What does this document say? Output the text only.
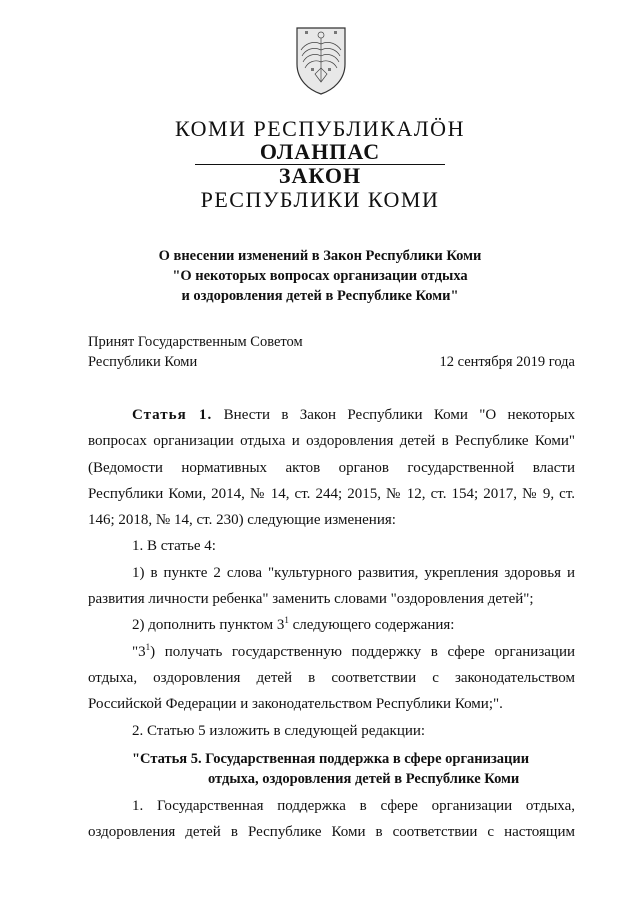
КОМИ РЕСПУБЛИКАЛӦН
ОЛАНПАС
ЗАКОН
РЕСПУБЛИКИ КОМИ
О внесении изменений в Закон Республики Коми
"О некоторых вопросах организации отдыха
и оздоровления детей в Республике Коми"
Принят Государственным Советом
Республики Коми	12 сентября 2019 года

Статья 1. Внести в Закон Республики Коми "О некоторых вопросах организации отдыха и оздоровления детей в Республике Коми" (Ведомости нормативных актов органов государственной власти Республики Коми, 2014, № 14, ст. 244; 2015, № 12, ст. 154; 2017, № 9, ст. 146; 2018, № 14, ст. 230) следующие изменения:

1. В статье 4:

1) в пункте 2 слова "культурного развития, укрепления здоровья и развития личности ребенка" заменить словами "оздоровления детей";

2) дополнить пунктом $3^1$ следующего содержания:

"$3^1$) получать государственную поддержку в сфере организации отдыха, оздоровления детей в соответствии с законодательством Российской Федерации и законодательством Республики Коми;".

2. Статью 5 изложить в следующей редакции:

"Статья 5. Государственная поддержка в сфере организации
отдыха, оздоровления детей в Республике Коми

1. Государственная поддержка в сфере организации отдыха, оздоровления детей в Республике Коми в соответствии с настоящим
